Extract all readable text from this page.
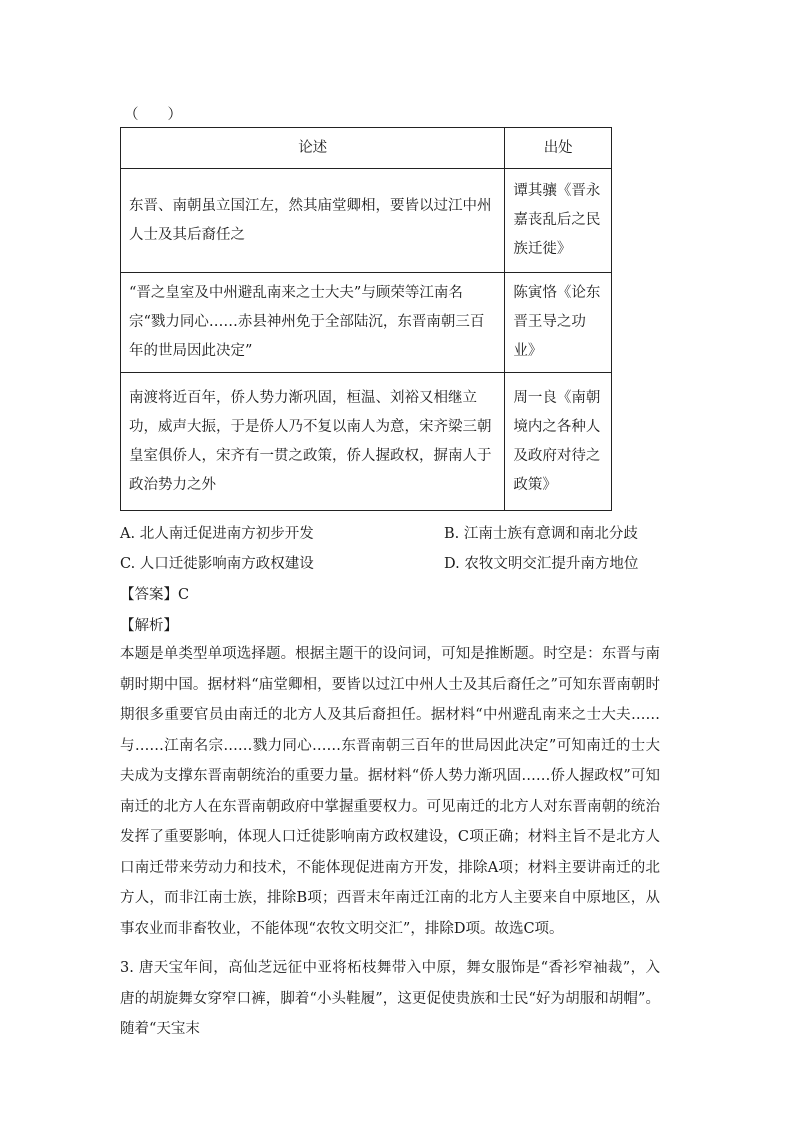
（　　）
论述	出处
东晋、南朝虽立国江左，然其庙堂卿相，要皆以过江中州人士及其后裔任之	谭其骧《晋永嘉丧乱后之民族迁徙》
“晋之皇室及中州避乱南来之士大夫”与顾荣等江南名宗“戮力同心……赤县神州免于全部陆沉，东晋南朝三百年的世局因此决定”	陈寅恪《论东晋王导之功业》
南渡将近百年，侨人势力渐巩固，桓温、刘裕又相继立功，威声大振，于是侨人乃不复以南人为意，宋齐梁三朝皇室俱侨人，宋齐有一贯之政策，侨人握政权，摒南人于政治势力之外	周一良《南朝境内之各种人及政府对待之政策》
A. 北人南迁促进南方初步开发	B. 江南士族有意调和南北分歧
C. 人口迁徙影响南方政权建设	D. 农牧文明交汇提升南方地位
【答案】C
【解析】
本题是单类型单项选择题。根据主题干的设问词，可知是推断题。时空是：东晋与南朝时期中国。据材料“庙堂卿相，要皆以过江中州人士及其后裔任之”可知东晋南朝时期很多重要官员由南迁的北方人及其后裔担任。据材料“中州避乱南来之士大夫……与……江南名宗……戮力同心……东晋南朝三百年的世局因此决定”可知南迁的士大夫成为支撑东晋南朝统治的重要力量。据材料“侨人势力渐巩固……侨人握政权”可知南迁的北方人在东晋南朝政府中掌握重要权力。可见南迁的北方人对东晋南朝的统治发挥了重要影响，体现人口迁徙影响南方政权建设，C项正确；材料主旨不是北方人口南迁带来劳动力和技术，不能体现促进南方开发，排除A项；材料主要讲南迁的北方人，而非江南士族，排除B项；西晋末年南迁江南的北方人主要来自中原地区，从事农业而非畜牧业，不能体现“农牧文明交汇”，排除D项。故选C项。
3. 唐天宝年间，高仙芝远征中亚将柘枝舞带入中原，舞女服饰是“香衫窄袖裁”，入唐的胡旋舞女穿窄口裤，脚着“小头鞋履”，这更促使贵族和士民“好为胡服和胡帽”。随着“天宝末
